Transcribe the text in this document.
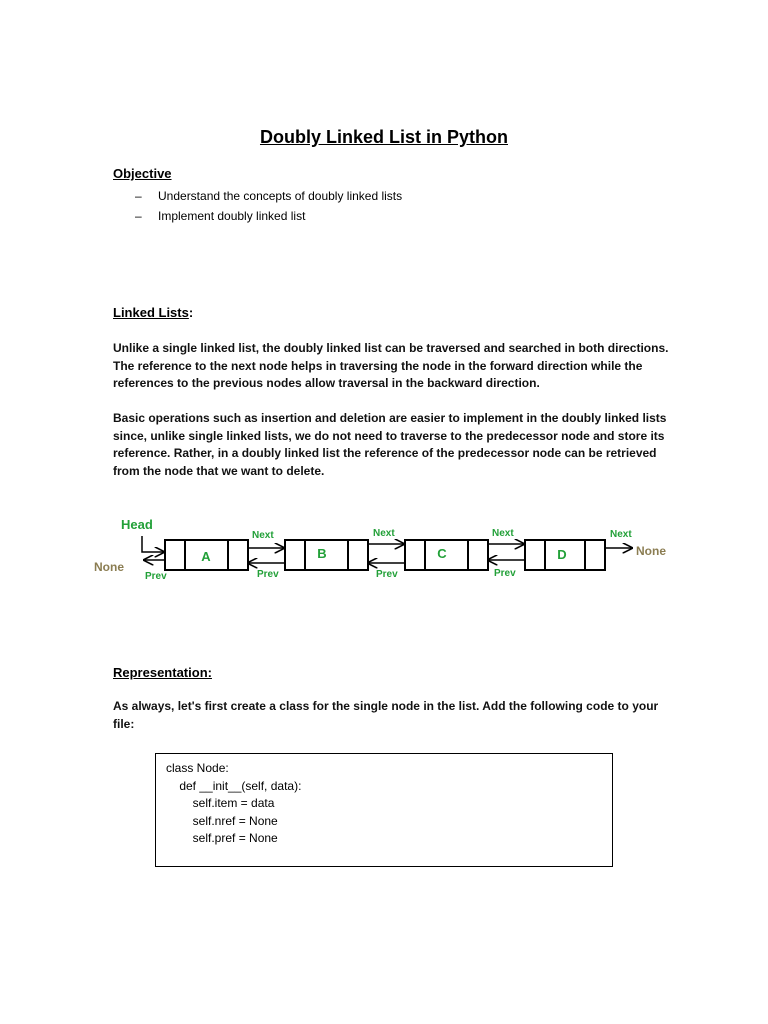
Doubly Linked List in Python
Objective
– Understand the concepts of doubly linked lists
– Implement doubly linked list
Linked Lists:

Unlike a single linked list, the doubly linked list can be traversed and searched in both directions. The reference to the next node helps in traversing the node in the forward direction while the references to the previous nodes allow traversal in the backward direction.

Basic operations such as insertion and deletion are easier to implement in the doubly linked lists since, unlike single linked lists, we do not need to traverse to the predecessor node and store its reference. Rather, in a doubly linked list the reference of the predecessor node can be retrieved from the node that we want to delete.

Head
None
None
Prev
A
Next
Prev
B
Next
Prev
C
Next
Prev
D
Next
Representation:

As always, let's first create a class for the single node in the list. Add the following code to your file:

class Node:
def __init__(self, data):
self.item = data
self.nref = None
self.pref = None
